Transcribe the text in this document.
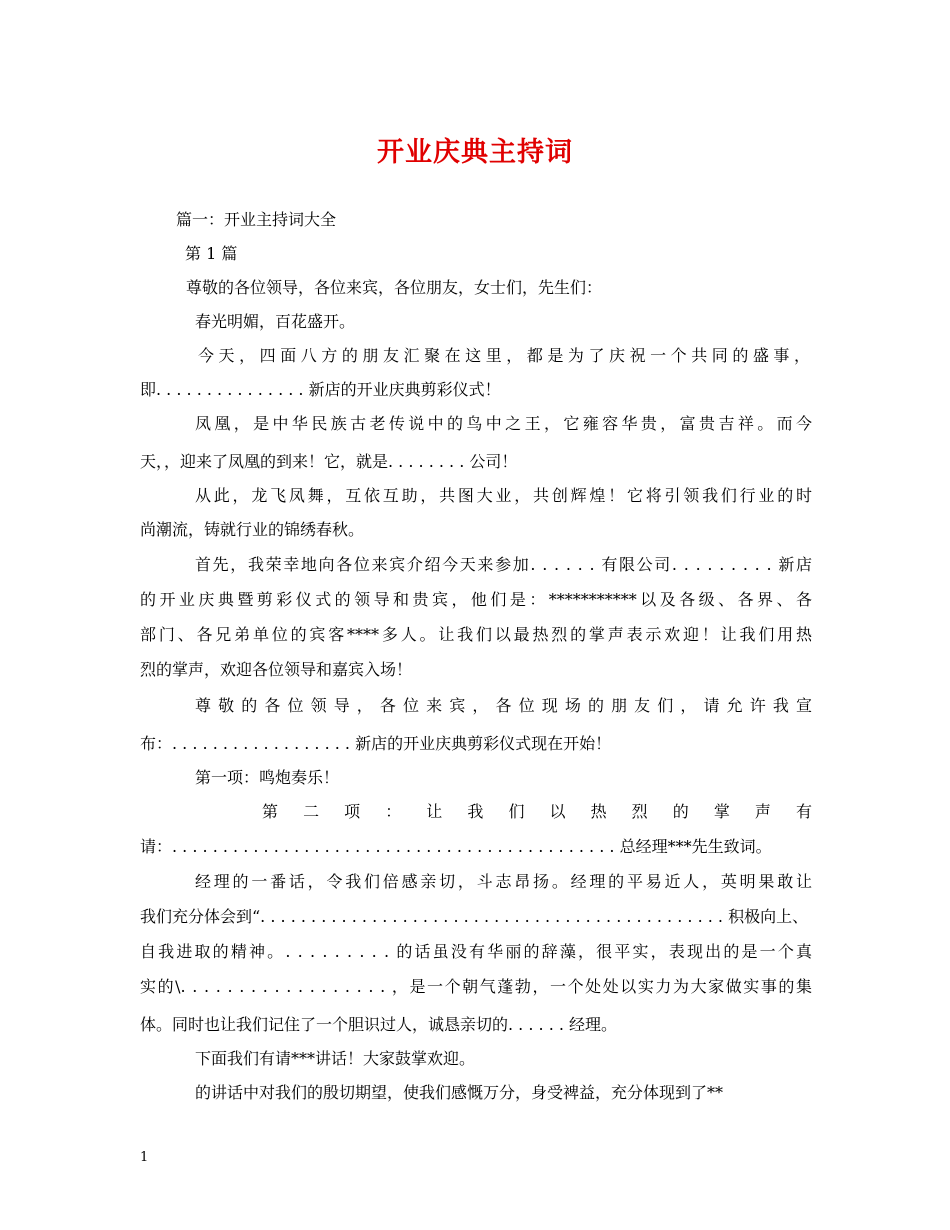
开业庆典主持词
篇一：开业主持词大全
第 1 篇
尊敬的各位领导，各位来宾，各位朋友，女士们，先生们：
春光明媚，百花盛开。
今天，四面八方的朋友汇聚在这里，都是为了庆祝一个共同的盛事，
即. . . . . . . . . . . . . . . 新店的开业庆典剪彩仪式！
凤凰，是中华民族古老传说中的鸟中之王，它雍容华贵，富贵吉祥。而今
天，，迎来了凤凰的到来！它，就是. . . . . . . . 公司！
从此，龙飞凤舞，互依互助，共图大业，共创辉煌！它将引领我们行业的时
尚潮流，铸就行业的锦绣春秋。
首先，我荣幸地向各位来宾介绍今天来参加. . . . . . 有限公司. . . . . . . . . 新店
的开业庆典暨剪彩仪式的领导和贵宾，他们是：***********以及各级、各界、各
部门、各兄弟单位的宾客****多人。让我们以最热烈的掌声表示欢迎！让我们用热
烈的掌声，欢迎各位领导和嘉宾入场！
尊敬的各位领导，各位来宾，各位现场的朋友们，请允许我宣
布：. . . . . . . . . . . . . . . . . . 新店的开业庆典剪彩仪式现在开始！
第一项：鸣炮奏乐！
第二项：让我们以热烈的掌声有
请：. . . . . . . . . . . . . . . . . . . . . . . . . . . . . . . . . . . . . . . . . . . . 总经理***先生致词。
经理的一番话，令我们倍感亲切，斗志昂扬。经理的平易近人，英明果敢让
我们充分体会到“. . . . . . . . . . . . . . . . . . . . . . . . . . . . . . . . . . . . . . . . . . . . . . 积极向上、
自我进取的精神。. . . . . . . . . 的话虽没有华丽的辞藻，很平实，表现出的是一个真
实的\. . . . . . . . . . . . . . . . . . ，是一个朝气蓬勃，一个处处以实力为大家做实事的集
体。同时也让我们记住了一个胆识过人，诚恳亲切的. . . . . . 经理。
下面我们有请***讲话！大家鼓掌欢迎。
的讲话中对我们的殷切期望，使我们感慨万分，身受裨益，充分体现到了**
1
